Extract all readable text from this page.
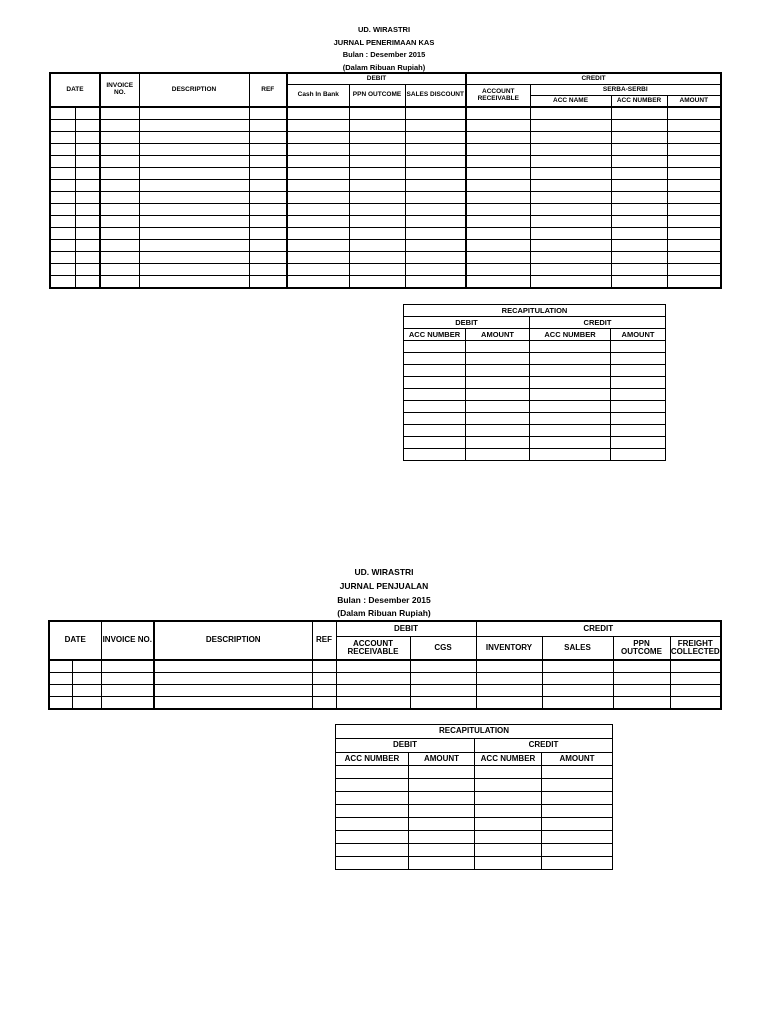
UD. WIRASTRI
JURNAL PENERIMAAN KAS
Bulan : Desember 2015
(Dalam Ribuan Rupiah)
DATE		INVOICE NO.	DESCRIPTION	REF	DEBIT			CREDIT			
					Cash In Bank	PPN OUTCOME	SALES DISCOUNT	ACCOUNT RECEIVABLE	SERBA-SERBI		
									ACC NAME	ACC NUMBER	AMOUNT

RECAPITULATION			
DEBIT		CREDIT	
ACC NUMBER	AMOUNT	ACC NUMBER	AMOUNT

UD. WIRASTRI
JURNAL PENJUALAN
Bulan : Desember 2015
(Dalam Ribuan Rupiah)
DATE		INVOICE NO.	DESCRIPTION	REF	DEBIT		CREDIT			
					ACCOUNT RECEIVABLE	CGS	INVENTORY	SALES	PPN OUTCOME	FREIGHT COLLECTED

RECAPITULATION			
DEBIT		CREDIT	
ACC NUMBER	AMOUNT	ACC NUMBER	AMOUNT
